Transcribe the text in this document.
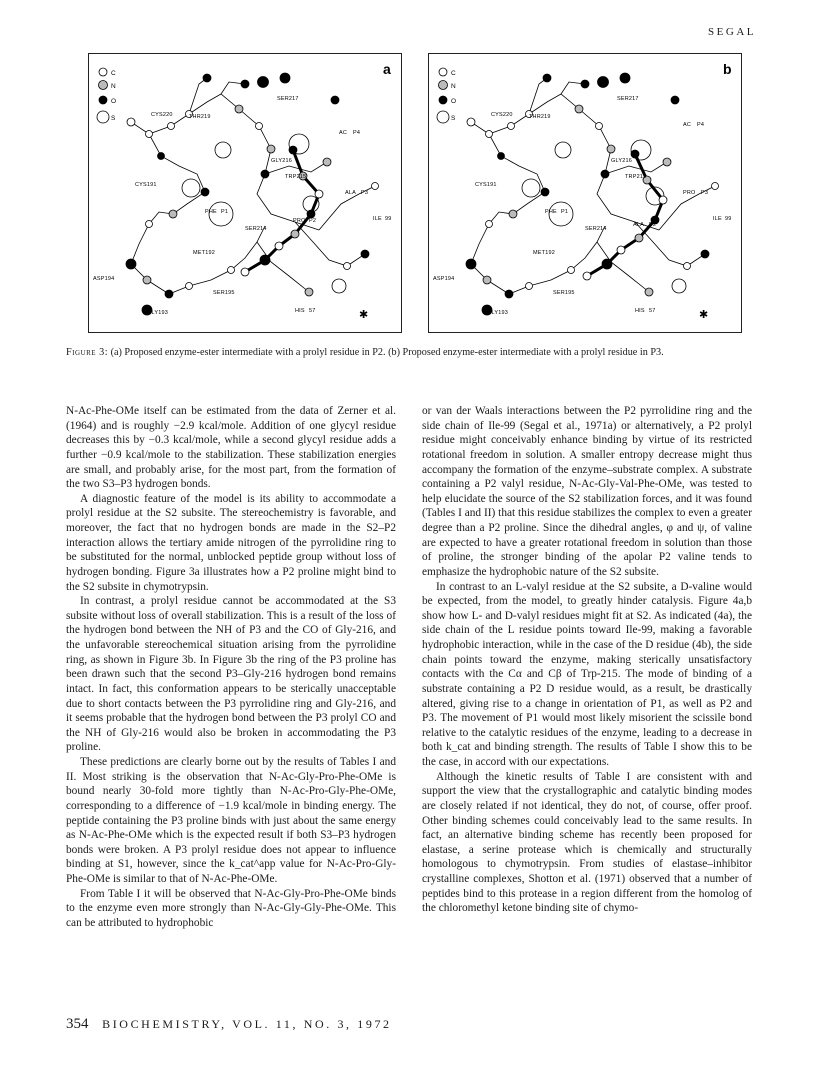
SEGAL
a
C
N
O
S
SER217
CYS220	THR219
AC P4
GLY216
TRP215
CYS191
ALA P3
PHE P1
PRO P2	ILE 99
SER214
MET192
ASP194
SER195
GLY193	HIS 57	✱
b
C
N
O
S
SER217
CYS220	THR219
AC P4
GLY216
TRP215
CYS191
PRO P3
PHE P1
ALA P2
ILE 99
SER214
MET192
ASP194
SER195
GLY193	HIS 57	✱
Figure 3: (a) Proposed enzyme-ester intermediate with a prolyl residue in P2. (b) Proposed enzyme-ester intermediate with a prolyl residue in P3.

N-Ac-Phe-OMe itself can be estimated from the data of Zerner et al. (1964) and is roughly −2.9 kcal/mole. Addition of one glycyl residue decreases this by −0.3 kcal/mole, while a second glycyl residue adds a further −0.9 kcal/mole to the stabilization. These stabilization energies are small, and probably arise, for the most part, from the formation of the two S3–P3 hydrogen bonds.

A diagnostic feature of the model is its ability to accommodate a prolyl residue at the S2 subsite. The stereochemistry is favorable, and moreover, the fact that no hydrogen bonds are made in the S2–P2 interaction allows the tertiary amide nitrogen of the pyrrolidine ring to be substituted for the normal, unblocked peptide group without loss of hydrogen bonding. Figure 3a illustrates how a P2 proline might bind to the S2 subsite in chymotrypsin.

In contrast, a prolyl residue cannot be accommodated at the S3 subsite without loss of overall stabilization. This is a result of the loss of the hydrogen bond between the NH of P3 and the CO of Gly-216, and the unfavorable stereochemical situation arising from the pyrrolidine ring, as shown in Figure 3b. In Figure 3b the ring of the P3 proline has been drawn such that the second P3–Gly-216 hydrogen bond remains intact. In fact, this conformation appears to be sterically unacceptable due to short contacts between the P3 pyrrolidine ring and Gly-216, and it seems probable that the hydrogen bond between the P3 prolyl CO and the NH of Gly-216 would also be broken in accommodating the P3 proline.

These predictions are clearly borne out by the results of Tables I and II. Most striking is the observation that N-Ac-Gly-Pro-Phe-OMe is bound nearly 30-fold more tightly than N-Ac-Pro-Gly-Phe-OMe, corresponding to a difference of −1.9 kcal/mole in binding energy. The peptide containing the P3 proline binds with just about the same energy as N-Ac-Phe-OMe which is the expected result if both S3–P3 hydrogen bonds were broken. A P3 prolyl residue does not appear to influence binding at S1, however, since the k_cat^app value for N-Ac-Pro-Gly-Phe-OMe is similar to that of N-Ac-Phe-OMe.

From Table I it will be observed that N-Ac-Gly-Pro-Phe-OMe binds to the enzyme even more strongly than N-Ac-Gly-Gly-Phe-OMe. This can be attributed to hydrophobic

or van der Waals interactions between the P2 pyrrolidine ring and the side chain of Ile-99 (Segal et al., 1971a) or alternatively, a P2 prolyl residue might conceivably enhance binding by virtue of its restricted rotational freedom in solution. A smaller entropy decrease might thus accompany the formation of the enzyme–substrate complex. A substrate containing a P2 valyl residue, N-Ac-Gly-Val-Phe-OMe, was tested to help elucidate the source of the S2 stabilization forces, and it was found (Tables I and II) that this residue stabilizes the complex to even a greater degree than a P2 proline. Since the dihedral angles, φ and ψ, of valine are expected to have a greater rotational freedom in solution than those of proline, the stronger binding of the apolar P2 valine tends to emphasize the hydrophobic nature of the S2 subsite.

In contrast to an L-valyl residue at the S2 subsite, a D-valine would be expected, from the model, to greatly hinder catalysis. Figure 4a,b show how L- and D-valyl residues might fit at S2. As indicated (4a), the side chain of the L residue points toward Ile-99, making a favorable hydrophobic interaction, while in the case of the D residue (4b), the side chain points toward the enzyme, making sterically unsatisfactory contacts with the Cα and Cβ of Trp-215. The mode of binding of a substrate containing a P2 D residue would, as a result, be drastically altered, giving rise to a change in orientation of P1, as well as P2 and P3. The movement of P1 would most likely misorient the scissile bond relative to the catalytic residues of the enzyme, leading to a decrease in both k_cat and binding strength. The results of Table I show this to be the case, in accord with our expectations.

Although the kinetic results of Table I are consistent with and support the view that the crystallographic and catalytic binding modes are closely related if not identical, they do not, of course, offer proof. Other binding schemes could conceivably lead to the same results. In fact, an alternative binding scheme has recently been proposed for elastase, a serine protease which is chemically and structurally homologous to chymotrypsin. From studies of elastase–inhibitor crystalline complexes, Shotton et al. (1971) observed that a number of peptides bind to this protease in a region different from the homolog of the chloromethyl ketone binding site of chymo-

354 BIOCHEMISTRY, VOL. 11, NO. 3, 1972
